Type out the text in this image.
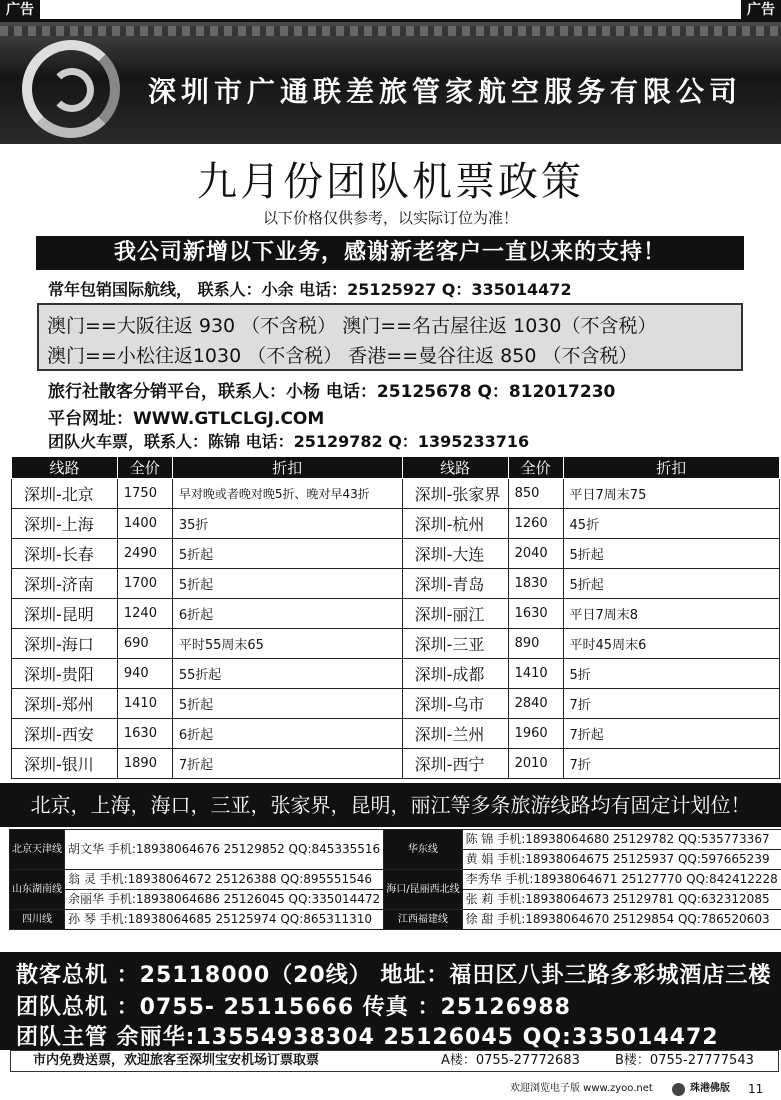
广告	广告
深圳市广通联差旅管家航空服务有限公司
九月份团队机票政策
以下价格仅供参考，以实际订位为准！
我公司新增以下业务，感谢新老客户一直以来的支持！
常年包销国际航线， 联系人：小余 电话：25125927 Q：335014472
澳门==大阪往返 930 （不含税） 澳门==名古屋往返 1030（不含税）
澳门==小松往返1030 （不含税） 香港==曼谷往返 850 （不含税）
旅行社散客分销平台，联系人：小杨 电话：25125678 Q：812017230
平台网址：WWW.GTLCLGJ.COM
团队火车票，联系人：陈锦 电话：25129782 Q：1395233716
线路	全价	折扣	线路	全价	折扣
深圳-北京	1750	早对晚或者晚对晚5折、晚对早43折	深圳-张家界	850	平日7周末75
深圳-上海	1400	35折	深圳-杭州	1260	45折
深圳-长春	2490	5折起	深圳-大连	2040	5折起
深圳-济南	1700	5折起	深圳-青岛	1830	5折起
深圳-昆明	1240	6折起	深圳-丽江	1630	平日7周末8
深圳-海口	690	平时55周末65	深圳-三亚	890	平时45周末6
深圳-贵阳	940	55折起	深圳-成都	1410	5折
深圳-郑州	1410	5折起	深圳-乌市	2840	7折
深圳-西安	1630	6折起	深圳-兰州	1960	7折起
深圳-银川	1890	7折起	深圳-西宁	2010	7折
北京，上海，海口，三亚，张家界，昆明，丽江等多条旅游线路均有固定计划位！
北京天津线	胡文华 手机:18938064676 25129852 QQ:845335516	华东线	陈 锦 手机:18938064680 25129782 QQ:535773367
			黄 娟 手机:18938064675 25125937 QQ:597665239
山东湖南线	翁 灵 手机:18938064672 25126388 QQ:895551546	海口/昆丽西北线	李秀华 手机:18938064671 25127770 QQ:842412228
	余丽华 手机:18938064686 25126045 QQ:335014472		张 莉 手机:18938064673 25129781 QQ:632312085
四川线	孙 琴 手机:18938064685 25125974 QQ:865311310	江西福建线	徐 甜 手机:18938064670 25129854 QQ:786520603
散客总机 ：25118000（20线） 地址：福田区八卦三路多彩城酒店三楼
团队总机 ：0755- 25115666 传真 ：25126988
团队主管 余丽华:13554938304 25126045 QQ:335014472
市内免费送票，欢迎旅客至深圳宝安机场订票取票	A楼：0755-27772683	B楼：0755-27777543
欢迎浏览电子版 www.zyoo.net	珠港佛版 11
